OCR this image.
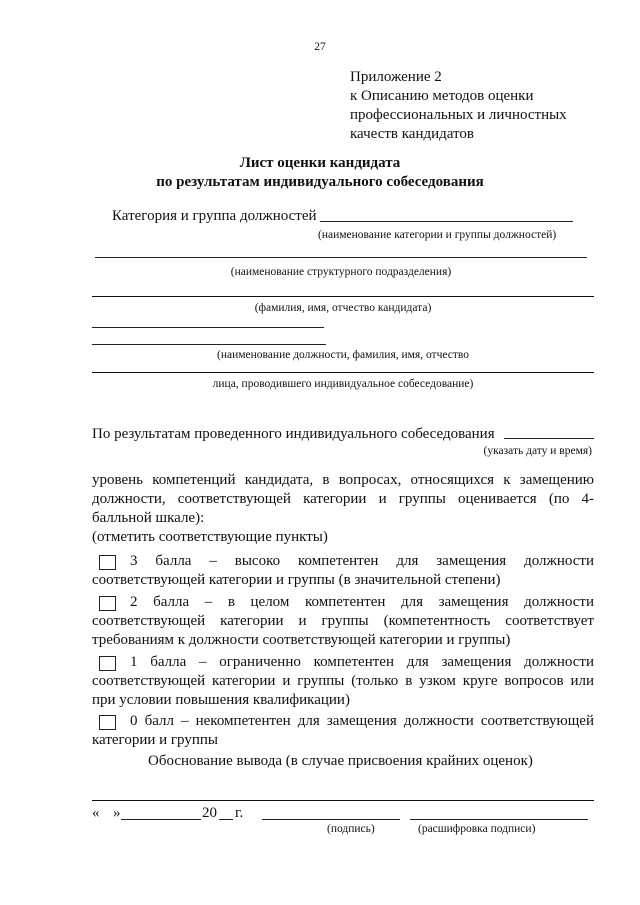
27
Приложение 2
к Описанию методов оценки
профессиональных и личностных
качеств кандидатов
Лист оценки кандидата
по результатам индивидуального собеседования
Категория и группа должностей
(наименование категории и группы должностей)
(наименование структурного подразделения)
(фамилия, имя, отчество кандидата)
(наименование должности, фамилия, имя, отчество
лица, проводившего индивидуальное собеседование)
По результатам проведенного индивидуального собеседования
(указать дату и время)
уровень компетенций кандидата, в вопросах, относящихся к замещению
должности, соответствующей категории и группы оценивается (по 4-
балльной шкале):
(отметить соответствующие пункты)
3 балла – высоко компетентен для замещения должности
соответствующей категории и группы (в значительной степени)
2 балла – в целом компетентен для замещения должности
соответствующей категории и группы (компетентность соответствует
требованиям к должности соответствующей категории и группы)
1 балла – ограниченно компетентен для замещения должности
соответствующей категории и группы (только в узком круге вопросов или
при условии повышения квалификации)
0 балл – некомпетентен для замещения должности соответствующей
категории и группы
Обоснование вывода (в случае присвоения крайних оценок)
« »	20 г.
(подпись)	(расшифровка подписи)
